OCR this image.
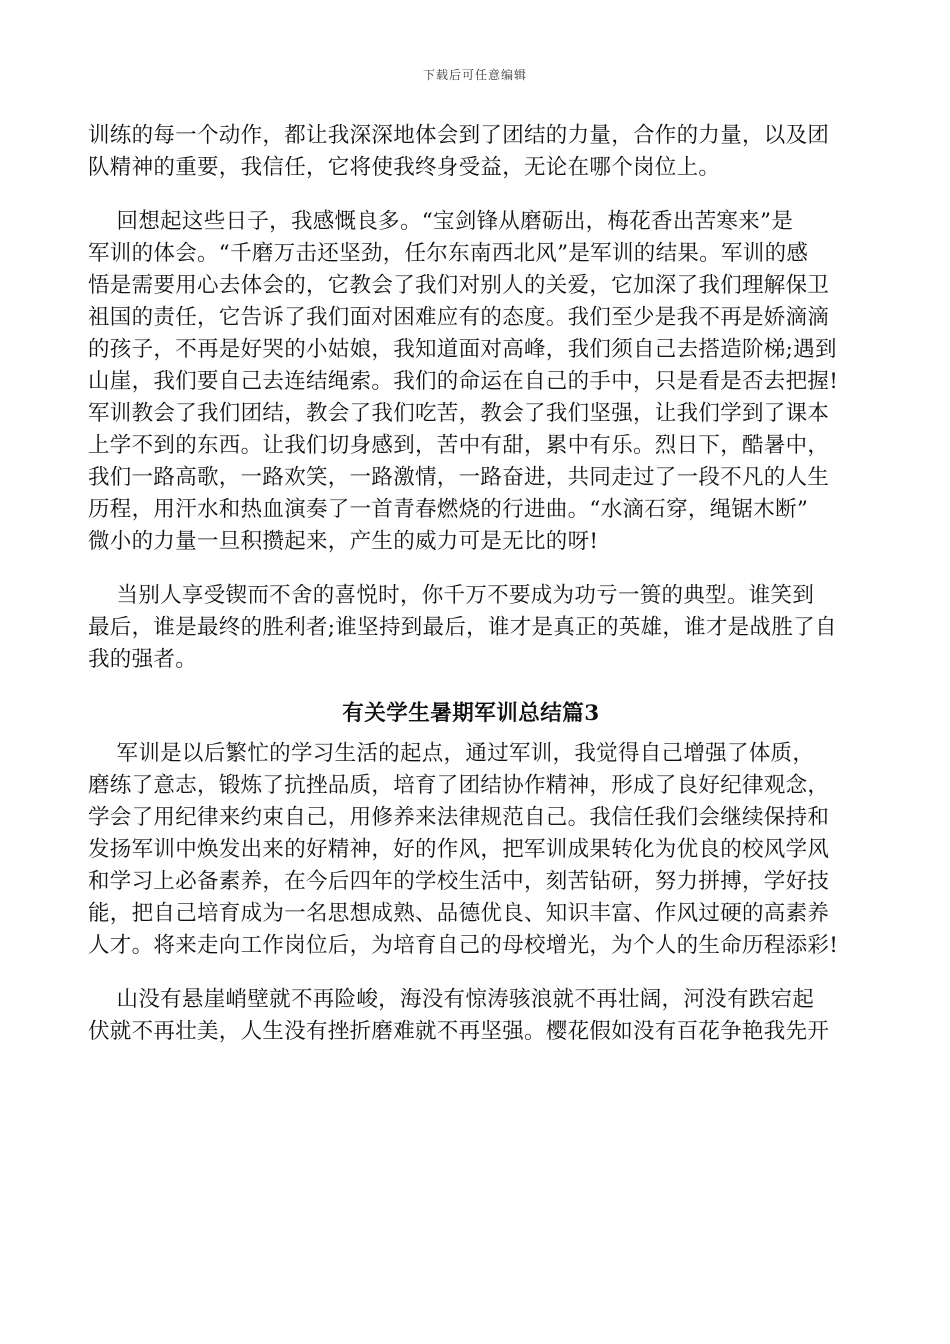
下载后可任意编辑
训练的每一个动作，都让我深深地体会到了团结的力量，合作的力量，以及团
队精神的重要，我信任，它将使我终身受益，无论在哪个岗位上。
回想起这些日子，我感慨良多。“宝剑锋从磨砺出，梅花香出苦寒来”是
军训的体会。“千磨万击还坚劲，任尔东南西北风”是军训的结果。军训的感
悟是需要用心去体会的，它教会了我们对别人的关爱，它加深了我们理解保卫
祖国的责任，它告诉了我们面对困难应有的态度。我们至少是我不再是娇滴滴
的孩子，不再是好哭的小姑娘，我知道面对高峰，我们须自己去搭造阶梯;遇到
山崖，我们要自己去连结绳索。我们的命运在自己的手中，只是看是否去把握!
军训教会了我们团结，教会了我们吃苦，教会了我们坚强，让我们学到了课本
上学不到的东西。让我们切身感到，苦中有甜，累中有乐。烈日下，酷暑中，
我们一路高歌，一路欢笑，一路激情，一路奋进，共同走过了一段不凡的人生
历程，用汗水和热血演奏了一首青春燃烧的行进曲。“水滴石穿，绳锯木断”
微小的力量一旦积攒起来，产生的威力可是无比的呀!
当别人享受锲而不舍的喜悦时，你千万不要成为功亏一篑的典型。谁笑到
最后，谁是最终的胜利者;谁坚持到最后，谁才是真正的英雄，谁才是战胜了自
我的强者。
有关学生暑期军训总结篇3
军训是以后繁忙的学习生活的起点，通过军训，我觉得自己增强了体质，
磨练了意志，锻炼了抗挫品质，培育了团结协作精神，形成了良好纪律观念，
学会了用纪律来约束自己，用修养来法律规范自己。我信任我们会继续保持和
发扬军训中焕发出来的好精神，好的作风，把军训成果转化为优良的校风学风
和学习上必备素养，在今后四年的学校生活中，刻苦钻研，努力拼搏，学好技
能，把自己培育成为一名思想成熟、品德优良、知识丰富、作风过硬的高素养
人才。将来走向工作岗位后，为培育自己的母校增光，为个人的生命历程添彩!
山没有悬崖峭壁就不再险峻，海没有惊涛骇浪就不再壮阔，河没有跌宕起
伏就不再壮美，人生没有挫折磨难就不再坚强。樱花假如没有百花争艳我先开
